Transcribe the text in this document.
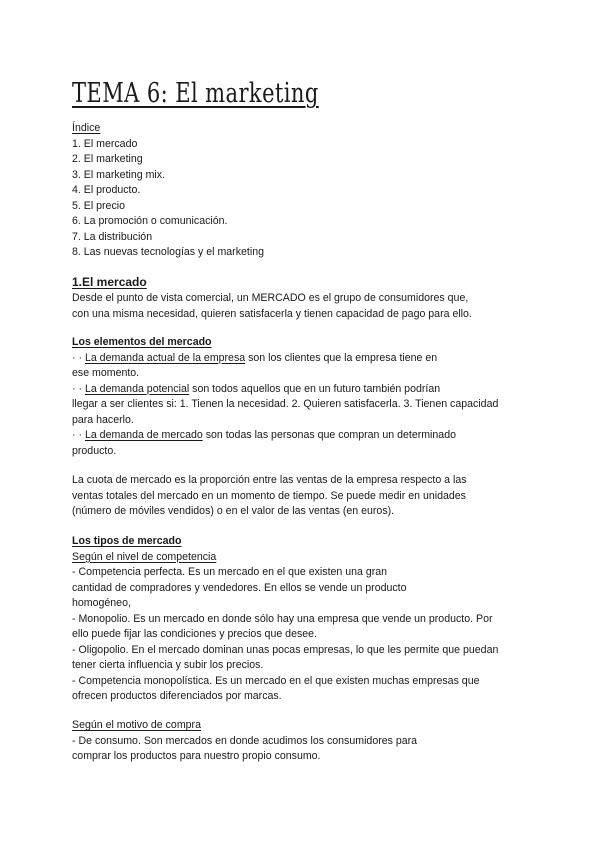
TEMA 6: El marketing
Índice
1. El mercado
2. El marketing
3. El marketing mix.
4. El producto.
5. El precio
6. La promoción o comunicación.
7. La distribución
8. Las nuevas tecnologías y el marketing
1.El mercado
Desde el punto de vista comercial, un MERCADO es el grupo de consumidores que,
con una misma necesidad, quieren satisfacerla y tienen capacidad de pago para ello.
Los elementos del mercado
· · La demanda actual de la empresa son los clientes que la empresa tiene en
ese momento.
· · La demanda potencial son todos aquellos que en un futuro también podrían
llegar a ser clientes si: 1. Tienen la necesidad. 2. Quieren satisfacerla. 3. Tienen capacidad
para hacerlo.
· · La demanda de mercado son todas las personas que compran un determinado
producto.
La cuota de mercado es la proporción entre las ventas de la empresa respecto a las
ventas totales del mercado en un momento de tiempo. Se puede medir en unidades
(número de móviles vendidos) o en el valor de las ventas (en euros).
Los tipos de mercado
Según el nivel de competencia
- Competencia perfecta. Es un mercado en el que existen una gran
cantidad de compradores y vendedores. En ellos se vende un producto
homogéneo,
- Monopolio. Es un mercado en donde sólo hay una empresa que vende un producto. Por
ello puede fijar las condiciones y precios que desee.
- Oligopolio. En el mercado dominan unas pocas empresas, lo que les permite que puedan
tener cierta influencia y subir los precios.
- Competencia monopolística. Es un mercado en el que existen muchas empresas que
ofrecen productos diferenciados por marcas.
Según el motivo de compra
- De consumo. Son mercados en donde acudimos los consumidores para
comprar los productos para nuestro propio consumo.
